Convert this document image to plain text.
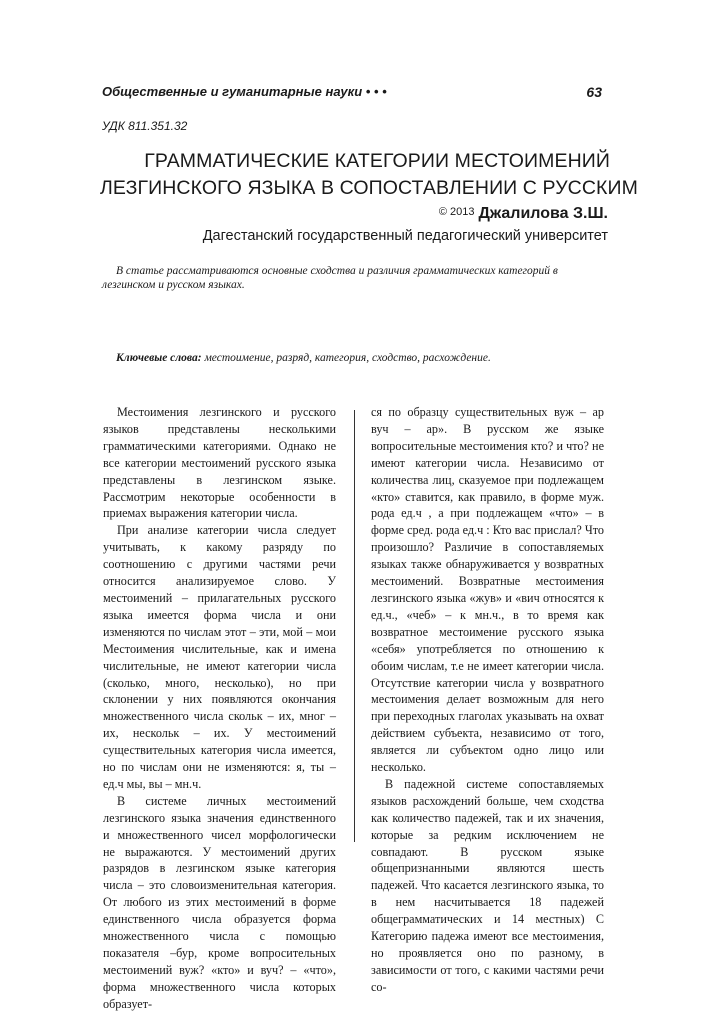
Общественные и гуманитарные науки • • •	63
УДК 811.351.32
ГРАММАТИЧЕСКИЕ КАТЕГОРИИ МЕСТОИМЕНИЙ
ЛЕЗГИНСКОГО ЯЗЫКА В СОПОСТАВЛЕНИИ С РУССКИМ
© 2013 Джалилова З.Ш.
Дагестанский государственный педагогический университет
В статье рассматриваются основные сходства и различия грамматических категорий в лезгинском и русском языках.
Ключевые слова: местоимение, разряд, категория, сходство, расхождение.

Местоимения лезгинского и русского языков представлены несколькими грамматическими категориями. Однако не все категории местоимений русского языка представлены в лезгинском языке. Рассмотрим некоторые особенности в приемах выражения категории числа.

При анализе категории числа следует учитывать, к какому разряду по соотношению с другими частями речи относится анализируемое слово. У местоимений – прилагательных русского языка имеется форма числа и они изменяются по числам этот – эти, мой – мои Местоимения числительные, как и имена числительные, не имеют категории числа (сколько, много, несколько), но при склонении у них появляются окончания множественного числа скольк – их, мног – их, нескольк – их. У местоимений существительных категория числа имеется, но по числам они не изменяются: я, ты – ед.ч мы, вы – мн.ч.

В системе личных местоимений лезгинского языка значения единственного и множественного чисел морфологически не выражаются. У местоимений других разрядов в лезгинском языке категория числа – это словоизменительная категория. От любого из этих местоимений в форме единственного числа образуется форма множественного числа с помощью показателя –бур, кроме вопросительных местоимений вуж? «кто» и вуч? – «что», форма множественного числа которых образует-

ся по образцу существительных вуж – ар вуч – ар». В русском же языке вопросительные местоимения кто? и что? не имеют категории числа. Независимо от количества лиц, сказуемое при подлежащем «кто» ставится, как правило, в форме муж. рода ед.ч , а при подлежащем «что» – в форме сред. рода ед.ч : Кто вас прислал? Что произошло? Различие в сопоставляемых языках также обнаруживается у возвратных местоимений. Возвратные местоимения лезгинского языка «жув» и «вич относятся к ед.ч., «чеб» – к мн.ч., в то время как возвратное местоимение русского языка «себя» употребляется по отношению к обоим числам, т.е не имеет категории числа. Отсутствие категории числа у возвратного местоимения делает возможным для него при переходных глаголах указывать на охват действием субъекта, независимо от того, является ли субъектом одно лицо или несколько.

В падежной системе сопоставляемых языков расхождений больше, чем сходства как количество падежей, так и их значения, которые за редким исключением не совпадают. В русском языке общепризнанными являются шесть падежей. Что касается лезгинского языка, то в нем насчитывается 18 падежей общеграмматических и 14 местных) С Категорию падежа имеют все местоимения, но проявляется оно по разному, в зависимости от того, с какими частями речи со-
